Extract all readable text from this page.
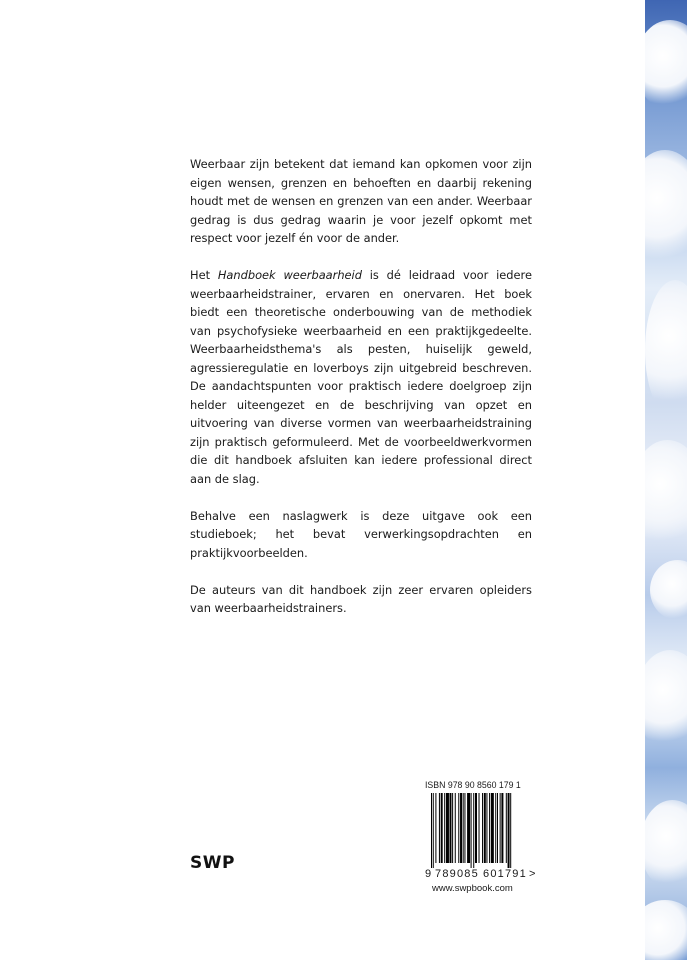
Weerbaar zijn betekent dat iemand kan opkomen voor zijn eigen wensen, grenzen en behoeften en daarbij rekening houdt met de wensen en grenzen van een ander. Weerbaar gedrag is dus gedrag waarin je voor jezelf opkomt met respect voor jezelf én voor de ander.

Het Handboek weerbaarheid is dé leidraad voor iedere weerbaarheidstrainer, ervaren en onervaren. Het boek biedt een theoretische onderbouwing van de methodiek van psychofysieke weerbaarheid en een praktijkgedeelte. Weerbaarheidsthema's als pesten, huiselijk geweld, agressieregulatie en loverboys zijn uitgebreid beschreven. De aandachtspunten voor praktisch iedere doelgroep zijn helder uiteengezet en de beschrijving van opzet en uitvoering van diverse vormen van weerbaarheidstraining zijn praktisch geformuleerd. Met de voorbeeldwerkvormen die dit handboek afsluiten kan iedere professional direct aan de slag.

Behalve een naslagwerk is deze uitgave ook een studieboek; het bevat verwerkingsopdrachten en praktijkvoorbeelden.

De auteurs van dit handboek zijn zeer ervaren opleiders van weerbaarheidstrainers.

ISBN 978 90 8560 179 1
9 789085 601791 >
www.swpbook.com
SWP
